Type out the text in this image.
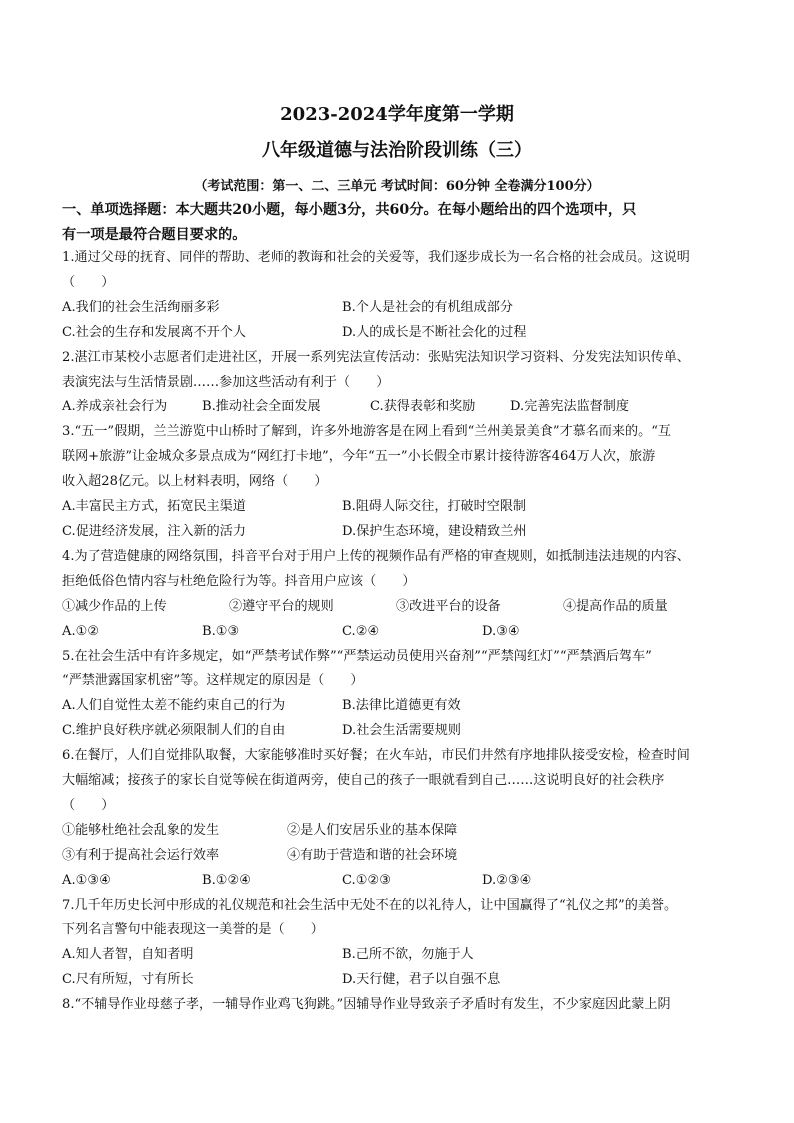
2023-2024学年度第一学期
八年级道德与法治阶段训练（三）
（考试范围：第一、二、三单元 考试时间：60分钟 全卷满分100分）
一、单项选择题：本大题共20小题，每小题3分，共60分。在每小题给出的四个选项中，只
有一项是最符合题目要求的。
1.通过父母的抚育、同伴的帮助、老师的教诲和社会的关爱等，我们逐步成长为一名合格的社会成员。这说明
（　　）
A.我们的社会生活绚丽多彩	B.个人是社会的有机组成部分
C.社会的生存和发展离不开个人	D.人的成长是不断社会化的过程
2.湛江市某校小志愿者们走进社区，开展一系列宪法宣传活动：张贴宪法知识学习资料、分发宪法知识传单、
表演宪法与生活情景剧……参加这些活动有利于（　　）
A.养成亲社会行为	B.推动社会全面发展	C.获得表彰和奖励	D.完善宪法监督制度
3.“五一”假期，兰兰游览中山桥时了解到，许多外地游客是在网上看到“兰州美景美食”才慕名而来的。“互
联网+旅游”让金城众多景点成为“网红打卡地”，今年“五一”小长假全市累计接待游客464万人次，旅游
收入超28亿元。以上材料表明，网络（　　）
A.丰富民主方式，拓宽民主渠道	B.阻碍人际交往，打破时空限制
C.促进经济发展，注入新的活力	D.保护生态环境，建设精致兰州
4.为了营造健康的网络氛围，抖音平台对于用户上传的视频作品有严格的审查规则，如抵制违法违规的内容、
拒绝低俗色情内容与杜绝危险行为等。抖音用户应该（　　）
①减少作品的上传	②遵守平台的规则	③改进平台的设备	④提高作品的质量
A.①②	B.①③	C.②④	D.③④
5.在社会生活中有许多规定，如“严禁考试作弊”“严禁运动员使用兴奋剂”“严禁闯红灯”“严禁酒后驾车”
“严禁泄露国家机密”等。这样规定的原因是（　　）
A.人们自觉性太差不能约束自己的行为	B.法律比道德更有效
C.维护良好秩序就必须限制人们的自由	D.社会生活需要规则
6.在餐厅，人们自觉排队取餐，大家能够准时买好餐；在火车站，市民们井然有序地排队接受安检，检查时间
大幅缩减；接孩子的家长自觉等候在街道两旁，使自己的孩子一眼就看到自己……这说明良好的社会秩序
（　　）
①能够杜绝社会乱象的发生	②是人们安居乐业的基本保障
③有利于提高社会运行效率	④有助于营造和谐的社会环境
A.①③④	B.①②④	C.①②③	D.②③④
7.几千年历史长河中形成的礼仪规范和社会生活中无处不在的以礼待人，让中国赢得了“礼仪之邦”的美誉。
下列名言警句中能表现这一美誉的是（　　）
A.知人者智，自知者明	B.己所不欲，勿施于人
C.尺有所短，寸有所长	D.天行健，君子以自强不息
8.“不辅导作业母慈子孝，一辅导作业鸡飞狗跳。”因辅导作业导致亲子矛盾时有发生，不少家庭因此蒙上阴
